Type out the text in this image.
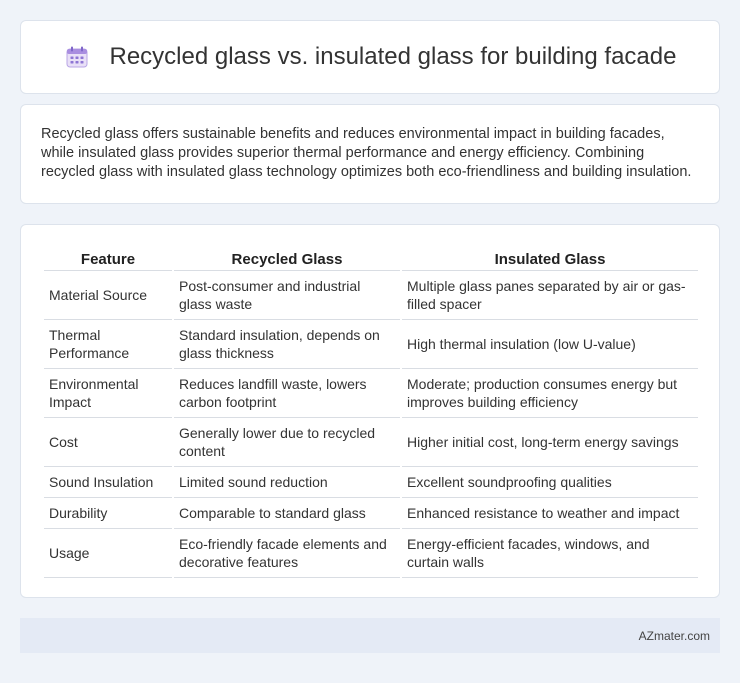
Recycled glass vs. insulated glass for building facade

Recycled glass offers sustainable benefits and reduces environmental impact in building facades, while insulated glass provides superior thermal performance and energy efficiency. Combining recycled glass with insulated glass technology optimizes both eco-friendliness and building insulation.

Feature	Recycled Glass	Insulated Glass
Material Source	Post-consumer and industrial glass waste	Multiple glass panes separated by air or gas-filled spacer
Thermal Performance	Standard insulation, depends on glass thickness	High thermal insulation (low U-value)
Environmental Impact	Reduces landfill waste, lowers carbon footprint	Moderate; production consumes energy but improves building efficiency
Cost	Generally lower due to recycled content	Higher initial cost, long-term energy savings
Sound Insulation	Limited sound reduction	Excellent soundproofing qualities
Durability	Comparable to standard glass	Enhanced resistance to weather and impact
Usage	Eco-friendly facade elements and decorative features	Energy-efficient facades, windows, and curtain walls
AZmater.com
